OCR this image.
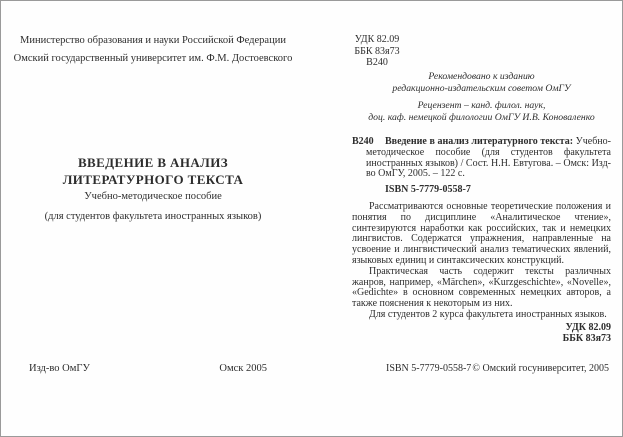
Министерство образования и науки Российской Федерации
Омский государственный университет им. Ф.М. Достоевского
ВВЕДЕНИЕ В АНАЛИЗ
ЛИТЕРАТУРНОГО ТЕКСТА
Учебно-методическое пособие
(для студентов факультета иностранных языков)
Изд-во ОмГУ	Омск 2005
УДК 82.09
ББК 83я73
В240
Рекомендовано к изданию
редакционно-издательским советом ОмГУ
Рецензент – канд. филол. наук,
доц. каф. немецкой филологии ОмГУ И.В. Коноваленко
В240 Введение в анализ литературного текста: Учебно-методическое пособие (для студентов факультета иностранных языков) / Сост. Н.Н. Евтугова. – Омск: Изд-во ОмГУ, 2005. – 122 с.
ISBN 5-7779-0558-7
Рассматриваются основные теоретические положения и понятия по дисциплине «Аналитическое чтение», синтезируются наработки как российских, так и немецких лингвистов. Содержатся упражнения, направленные на усвоение и лингвистический анализ тематических явлений, языковых единиц и синтаксических конструкций.
Практическая часть содержит тексты различных жанров, например, «Märchen», «Kurzgeschichte», «Novelle», «Gedichte» в основном современных немецких авторов, а также пояснения к некоторым из них.
Для студентов 2 курса факультета иностранных языков.
УДК 82.09
ББК 83я73
ISBN 5-7779-0558-7 © Омский госуниверситет, 2005
